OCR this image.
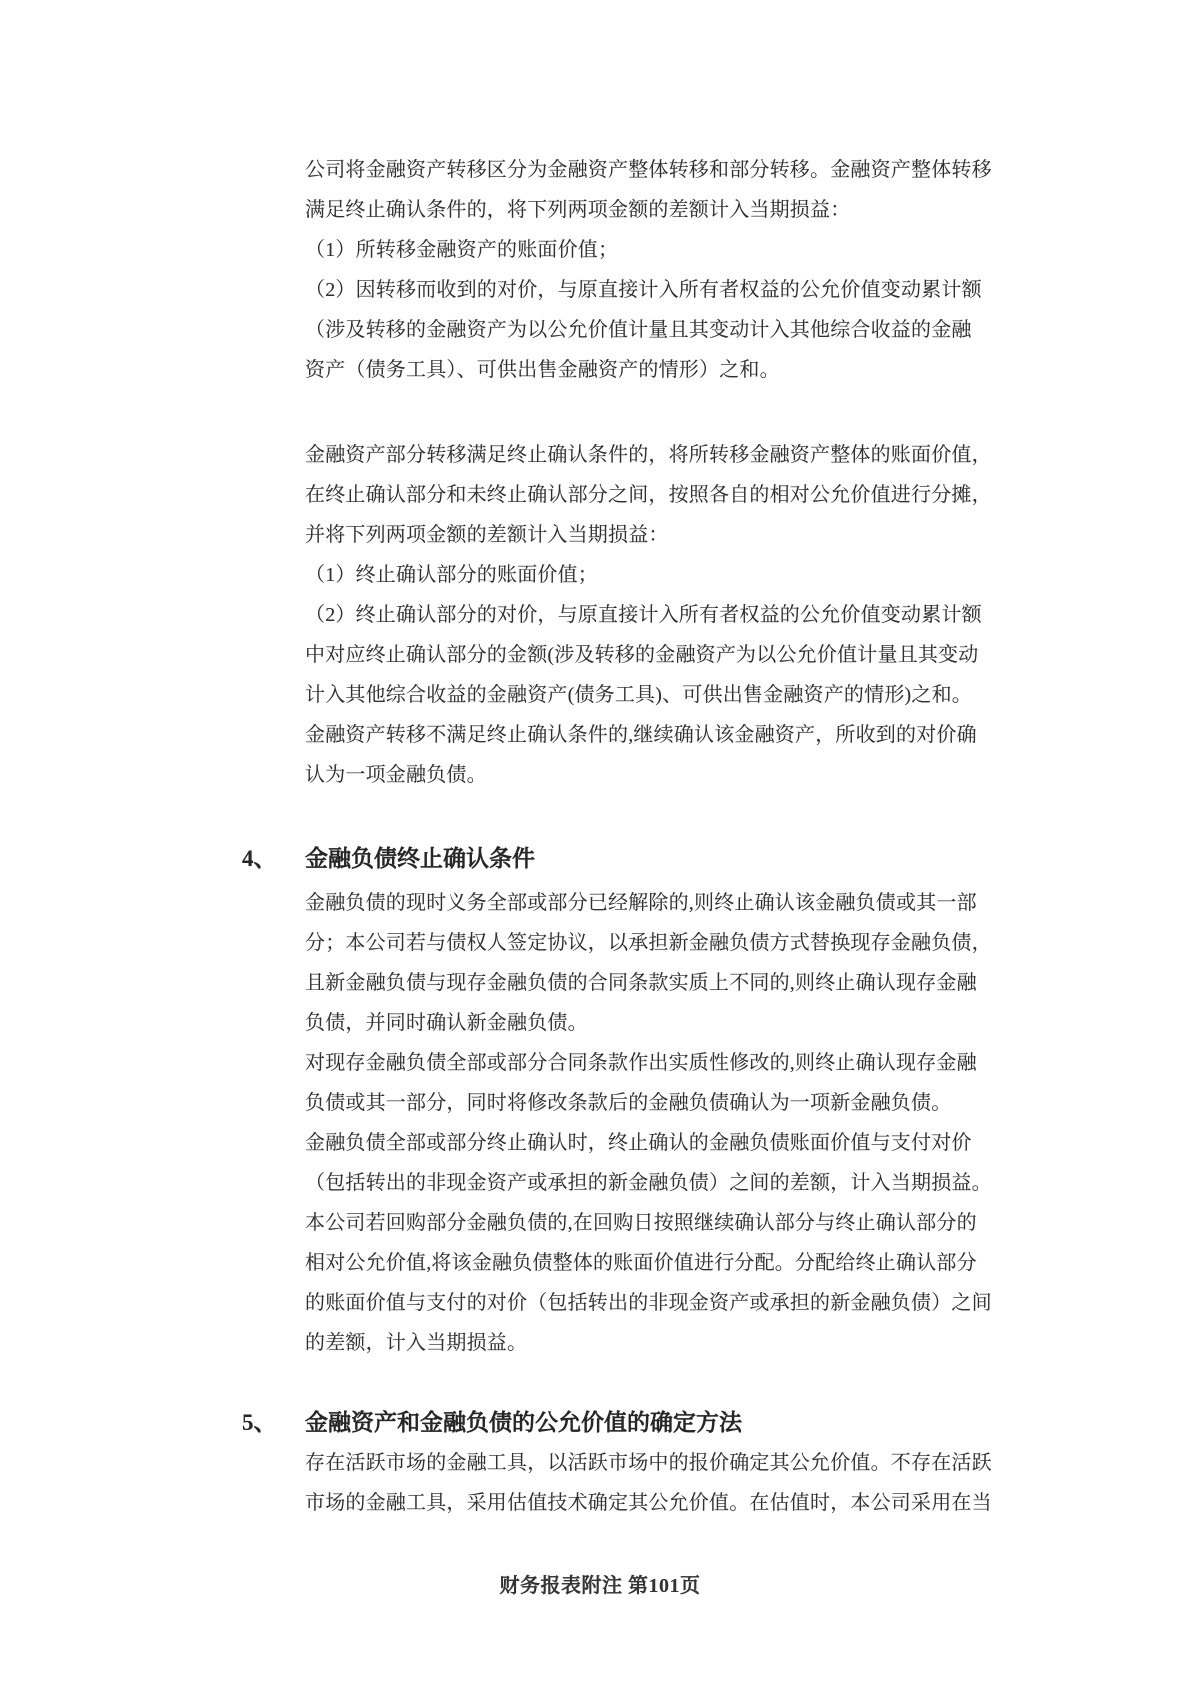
公司将金融资产转移区分为金融资产整体转移和部分转移。金融资产整体转移
满足终止确认条件的，将下列两项金额的差额计入当期损益：
（1）所转移金融资产的账面价值；
（2）因转移而收到的对价，与原直接计入所有者权益的公允价值变动累计额
（涉及转移的金融资产为以公允价值计量且其变动计入其他综合收益的金融
资产（债务工具）、可供出售金融资产的情形）之和。
金融资产部分转移满足终止确认条件的，将所转移金融资产整体的账面价值，
在终止确认部分和未终止确认部分之间，按照各自的相对公允价值进行分摊，
并将下列两项金额的差额计入当期损益：
（1）终止确认部分的账面价值；
（2）终止确认部分的对价，与原直接计入所有者权益的公允价值变动累计额
中对应终止确认部分的金额(涉及转移的金融资产为以公允价值计量且其变动
计入其他综合收益的金融资产(债务工具)、可供出售金融资产的情形)之和。
金融资产转移不满足终止确认条件的,继续确认该金融资产，所收到的对价确
认为一项金融负债。
4、	金融负债终止确认条件
金融负债的现时义务全部或部分已经解除的,则终止确认该金融负债或其一部
分；本公司若与债权人签定协议，以承担新金融负债方式替换现存金融负债，
且新金融负债与现存金融负债的合同条款实质上不同的,则终止确认现存金融
负债，并同时确认新金融负债。
对现存金融负债全部或部分合同条款作出实质性修改的,则终止确认现存金融
负债或其一部分，同时将修改条款后的金融负债确认为一项新金融负债。
金融负债全部或部分终止确认时，终止确认的金融负债账面价值与支付对价
（包括转出的非现金资产或承担的新金融负债）之间的差额，计入当期损益。
本公司若回购部分金融负债的,在回购日按照继续确认部分与终止确认部分的
相对公允价值,将该金融负债整体的账面价值进行分配。分配给终止确认部分
的账面价值与支付的对价（包括转出的非现金资产或承担的新金融负债）之间
的差额，计入当期损益。
5、	金融资产和金融负债的公允价值的确定方法
存在活跃市场的金融工具，以活跃市场中的报价确定其公允价值。不存在活跃
市场的金融工具，采用估值技术确定其公允价值。在估值时，本公司采用在当
财务报表附注 第101页
